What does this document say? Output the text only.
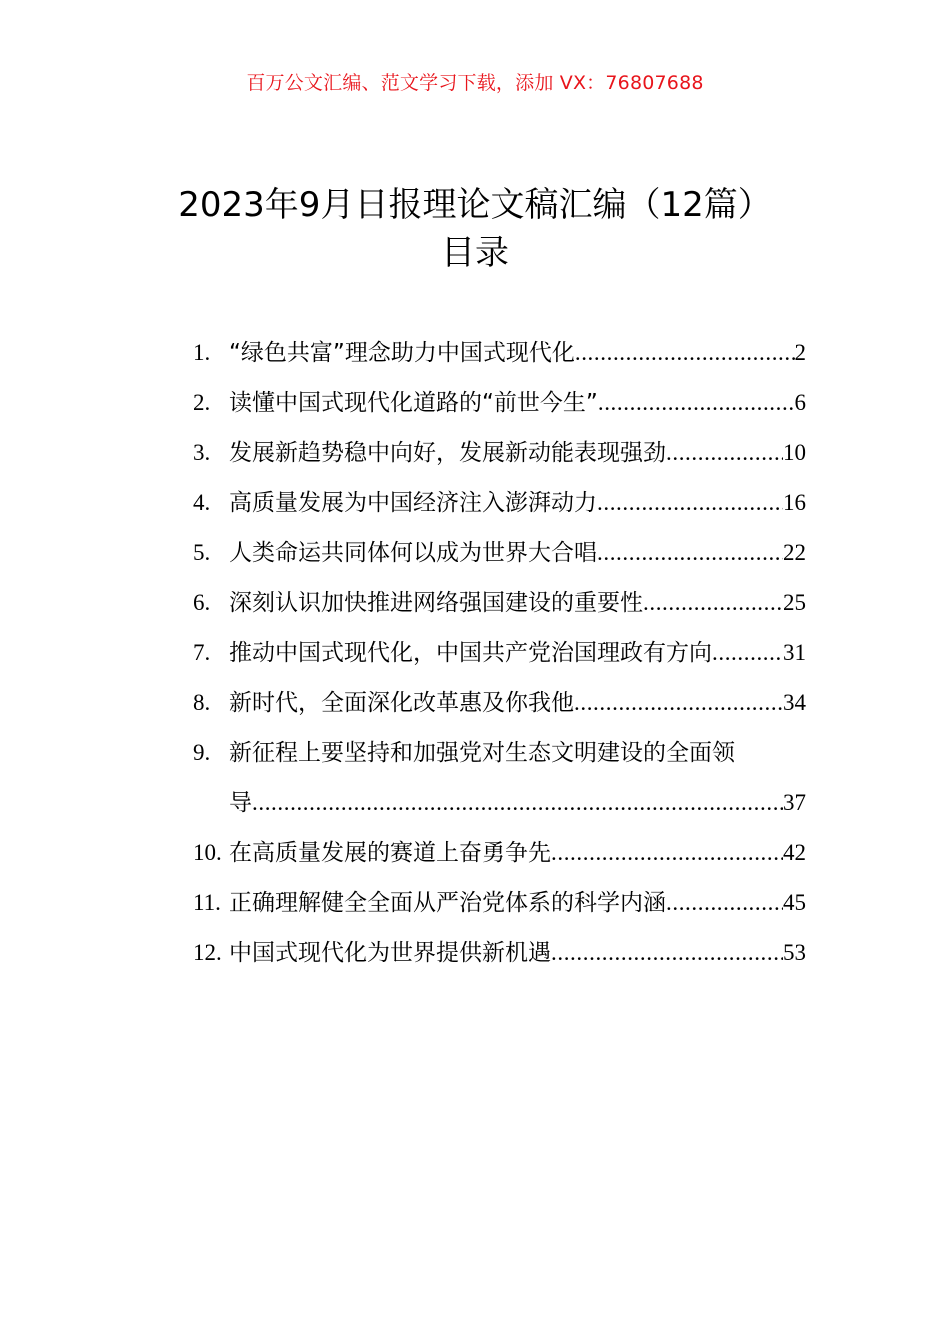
百万公文汇编、范文学习下载，添加 VX：76807688
2023年9月日报理论文稿汇编（12篇）
目录
1. “绿色共富”理念助力中国式现代化 .....	2
2. 读懂中国式现代化道路的“前世今生” .....	6
3. 发展新趋势稳中向好，发展新动能表现强劲 .....	10
4. 高质量发展为中国经济注入澎湃动力 .....	16
5. 人类命运共同体何以成为世界大合唱 .....	22
6. 深刻认识加快推进网络强国建设的重要性 .....	25
7. 推动中国式现代化，中国共产党治国理政有方向 .....	31
8. 新时代，全面深化改革惠及你我他 .....	34
9. 新征程上要坚持和加强党对生态文明建设的全面领
导 .....	37
10. 在高质量发展的赛道上奋勇争先 .....	42
11. 正确理解健全全面从严治党体系的科学内涵 .....	45
12. 中国式现代化为世界提供新机遇 .....	53
